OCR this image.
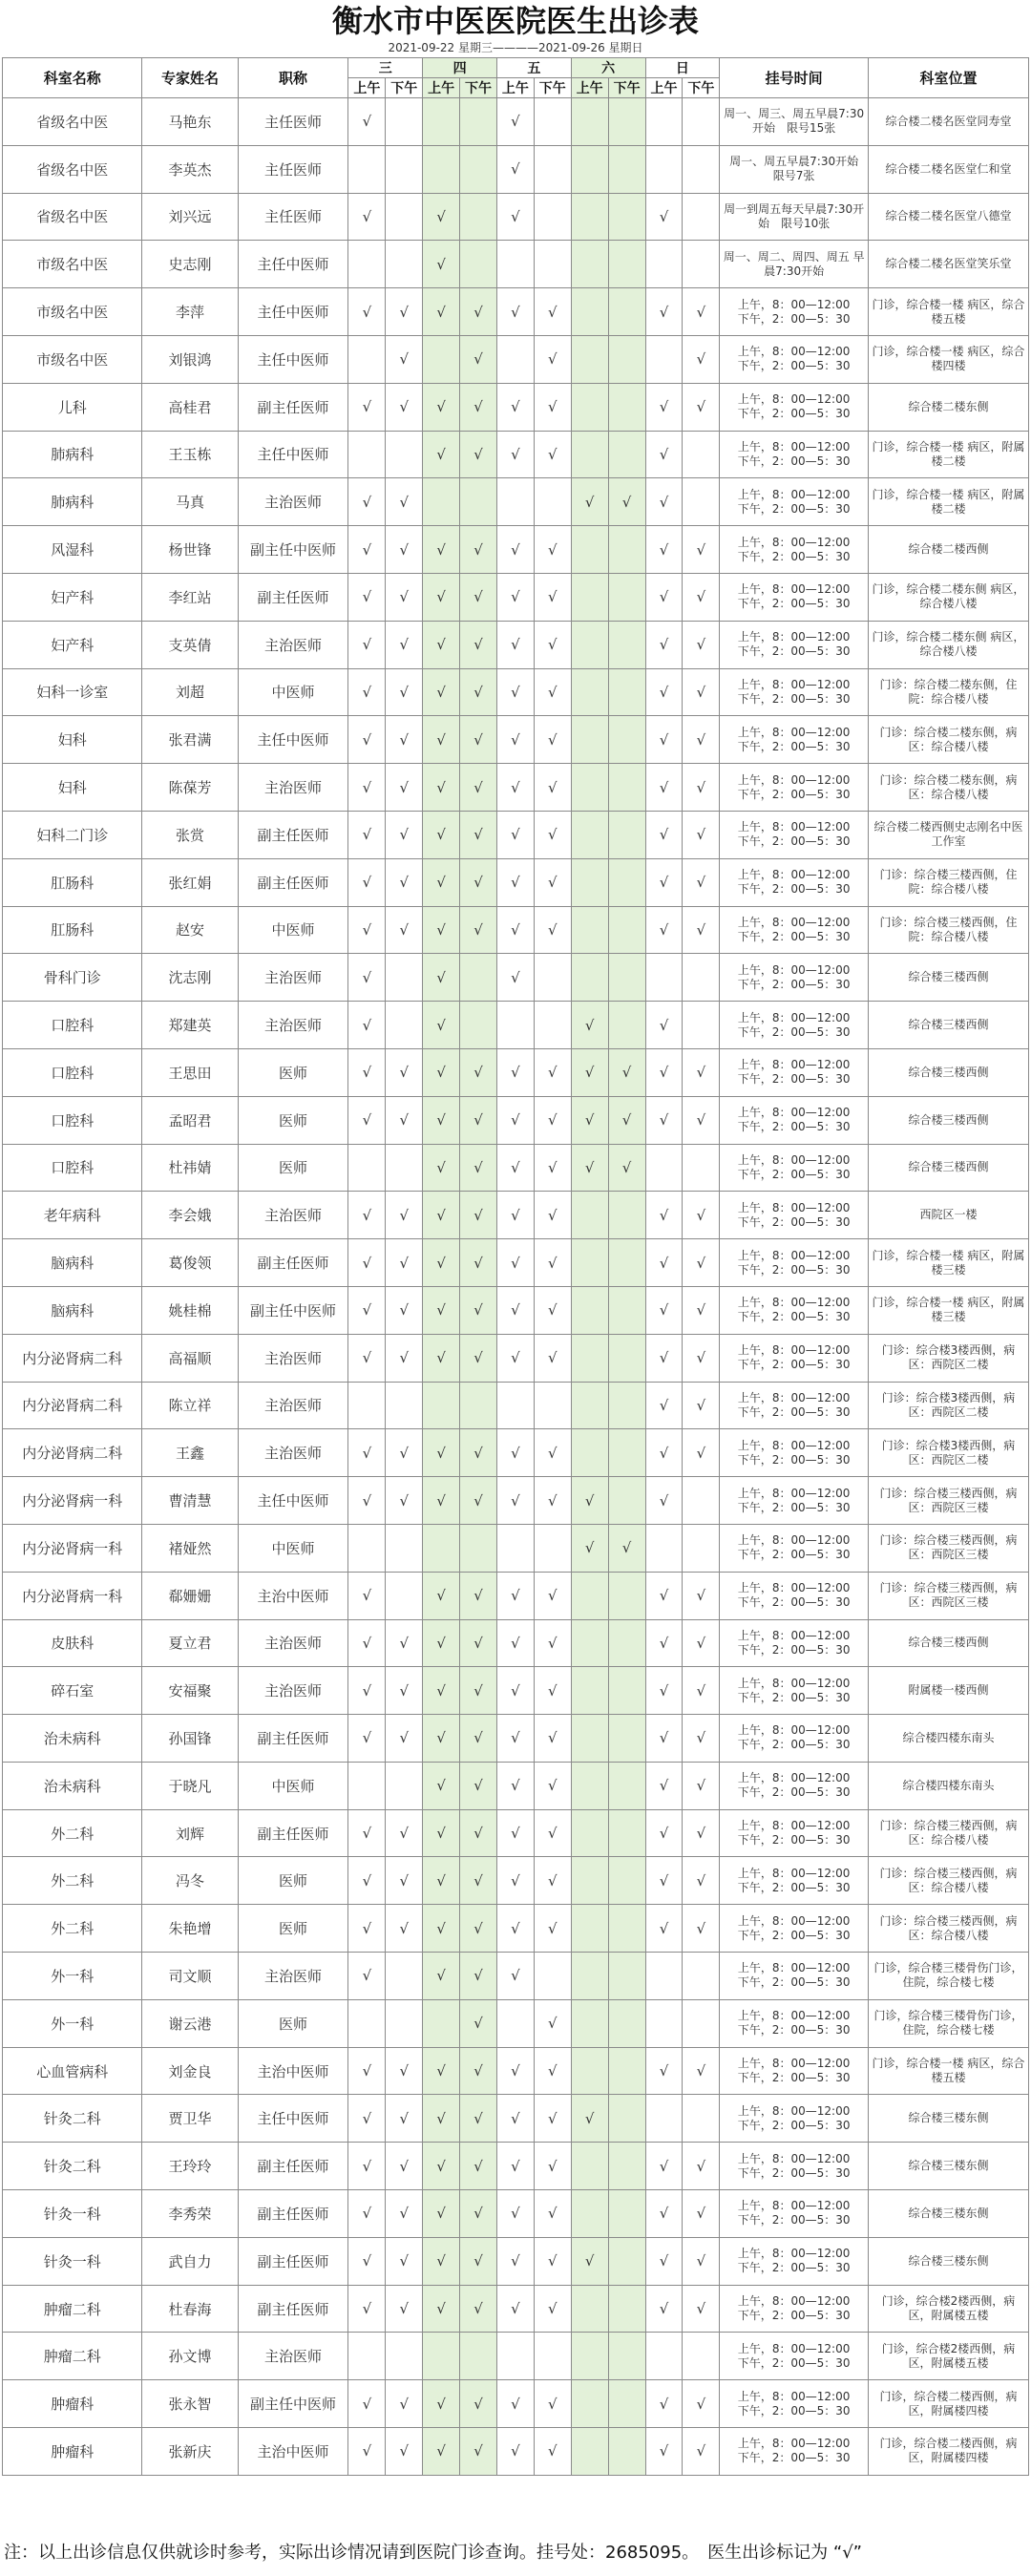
衡水市中医医院医生出诊表
2021-09-22 星期三————2021-09-26 星期日
科室名称	专家姓名	职称	三		四		五		六		日		挂号时间	科室位置
			上午	下午	上午	下午	上午	下午	上午	下午	上午	下午		
省级名中医	马艳东	主任医师	√				√						周一、周三、周五早晨7:30开始　限号15张	综合楼二楼名医堂同寿堂
省级名中医	李英杰	主任医师					√						周一、周五早晨7:30开始 限号7张	综合楼二楼名医堂仁和堂
省级名中医	刘兴远	主任医师	√		√		√				√		周一到周五每天早晨7:30开始　限号10张	综合楼二楼名医堂八德堂
市级名中医	史志刚	主任中医师			√								周一、周二、周四、周五 早晨7:30开始	综合楼二楼名医堂笑乐堂
市级名中医	李萍	主任中医师	√	√	√	√	√	√			√	√	上午，8：00—12:00
下午，2：00—5：30	门诊，综合楼一楼 病区，综合楼五楼
市级名中医	刘银鸿	主任中医师		√		√		√				√	上午，8：00—12:00
下午，2：00—5：30	门诊，综合楼一楼 病区，综合楼四楼
儿科	高桂君	副主任医师	√	√	√	√	√	√			√	√	上午，8：00—12:00
下午，2：00—5：30	综合楼二楼东侧
肺病科	王玉栋	主任中医师			√	√	√	√			√		上午，8：00—12:00
下午，2：00—5：30	门诊，综合楼一楼 病区，附属楼二楼
肺病科	马真	主治医师	√	√					√	√	√		上午，8：00—12:00
下午，2：00—5：30	门诊，综合楼一楼 病区，附属楼二楼
风湿科	杨世锋	副主任中医师	√	√	√	√	√	√			√	√	上午，8：00—12:00
下午，2：00—5：30	综合楼二楼西侧
妇产科	李红站	副主任医师	√	√	√	√	√	√			√	√	上午，8：00—12:00
下午，2：00—5：30	门诊，综合楼二楼东侧 病区，综合楼八楼
妇产科	支英倩	主治医师	√	√	√	√	√	√			√	√	上午，8：00—12:00
下午，2：00—5：30	门诊，综合楼二楼东侧 病区，综合楼八楼
妇科一诊室	刘超	中医师	√	√	√	√	√	√			√	√	上午，8：00—12:00
下午，2：00—5：30	门诊：综合楼二楼东侧，住院：综合楼八楼
妇科	张君满	主任中医师	√	√	√	√	√	√			√	√	上午，8：00—12:00
下午，2：00—5：30	门诊：综合楼二楼东侧，病区：综合楼八楼
妇科	陈葆芳	主治医师	√	√	√	√	√	√			√	√	上午，8：00—12:00
下午，2：00—5：30	门诊：综合楼二楼东侧，病区：综合楼八楼
妇科二门诊	张赏	副主任医师	√	√	√	√	√	√			√	√	上午，8：00—12:00
下午，2：00—5：30	综合楼二楼西侧史志刚名中医工作室
肛肠科	张红娟	副主任医师	√	√	√	√	√	√			√	√	上午，8：00—12:00
下午，2：00—5：30	门诊：综合楼三楼西侧，住院：综合楼八楼
肛肠科	赵安	中医师	√	√	√	√	√	√			√	√	上午，8：00—12:00
下午，2：00—5：30	门诊：综合楼三楼西侧，住院：综合楼八楼
骨科门诊	沈志刚	主治医师	√		√		√						上午，8：00—12:00
下午，2：00—5：30	综合楼三楼西侧
口腔科	郑建英	主治医师	√		√				√		√		上午，8：00—12:00
下午，2：00—5：30	综合楼三楼西侧
口腔科	王思田	医师	√	√	√	√	√	√	√	√	√	√	上午，8：00—12:00
下午，2：00—5：30	综合楼三楼西侧
口腔科	孟昭君	医师	√	√	√	√	√	√	√	√	√	√	上午，8：00—12:00
下午，2：00—5：30	综合楼三楼西侧
口腔科	杜祎婧	医师			√	√	√	√	√	√			上午，8：00—12:00
下午，2：00—5：30	综合楼三楼西侧
老年病科	李会娥	主治医师	√	√	√	√	√	√			√	√	上午，8：00—12:00
下午，2：00—5：30	西院区一楼
脑病科	葛俊领	副主任医师	√	√	√	√	√	√			√	√	上午，8：00—12:00
下午，2：00—5：30	门诊，综合楼一楼 病区，附属楼三楼
脑病科	姚桂棉	副主任中医师	√	√	√	√	√	√			√	√	上午，8：00—12:00
下午，2：00—5：30	门诊，综合楼一楼 病区，附属楼三楼
内分泌肾病二科	高福顺	主治医师	√	√	√	√	√	√			√	√	上午，8：00—12:00
下午，2：00—5：30	门诊：综合楼3楼西侧，病区：西院区二楼
内分泌肾病二科	陈立祥	主治医师									√	√	上午，8：00—12:00
下午，2：00—5：30	门诊：综合楼3楼西侧，病区：西院区二楼
内分泌肾病二科	王鑫	主治医师	√	√	√	√	√	√			√	√	上午，8：00—12:00
下午，2：00—5：30	门诊：综合楼3楼西侧，病区：西院区二楼
内分泌肾病一科	曹清慧	主任中医师	√	√	√	√	√	√	√		√		上午，8：00—12:00
下午，2：00—5：30	门诊：综合楼三楼西侧，病区：西院区三楼
内分泌肾病一科	褚娅然	中医师							√	√			上午，8：00—12:00
下午，2：00—5：30	门诊：综合楼三楼西侧，病区：西院区三楼
内分泌肾病一科	郗姗姗	主治中医师	√		√	√	√	√			√	√	上午，8：00—12:00
下午，2：00—5：30	门诊：综合楼三楼西侧，病区：西院区三楼
皮肤科	夏立君	主治医师	√	√	√	√	√	√			√	√	上午，8：00—12:00
下午，2：00—5：30	综合楼三楼西侧
碎石室	安福聚	主治医师	√	√	√	√	√	√			√	√	上午，8：00—12:00
下午，2：00—5：30	附属楼一楼西侧
治未病科	孙国锋	副主任医师	√	√	√	√	√	√			√	√	上午，8：00—12:00
下午，2：00—5：30	综合楼四楼东南头
治未病科	于晓凡	中医师			√	√	√	√			√	√	上午，8：00—12:00
下午，2：00—5：30	综合楼四楼东南头
外二科	刘辉	副主任医师	√	√	√	√	√	√			√	√	上午，8：00—12:00
下午，2：00—5：30	门诊：综合楼三楼西侧，病区：综合楼八楼
外二科	冯冬	医师	√	√	√	√	√	√			√	√	上午，8：00—12:00
下午，2：00—5：30	门诊：综合楼三楼西侧，病区：综合楼八楼
外二科	朱艳增	医师	√	√	√	√	√	√			√	√	上午，8：00—12:00
下午，2：00—5：30	门诊：综合楼三楼西侧，病区：综合楼八楼
外一科	司文顺	主治医师	√		√	√	√						上午，8：00—12:00
下午，2：00—5：30	门诊，综合楼三楼骨伤门诊，住院，综合楼七楼
外一科	谢云港	医师				√		√					上午，8：00—12:00
下午，2：00—5：30	门诊，综合楼三楼骨伤门诊，住院，综合楼七楼
心血管病科	刘金良	主治中医师	√	√	√	√	√	√			√	√	上午，8：00—12:00
下午，2：00—5：30	门诊，综合楼一楼 病区，综合楼五楼
针灸二科	贾卫华	主任中医师	√	√	√	√	√	√	√				上午，8：00—12:00
下午，2：00—5：30	综合楼三楼东侧
针灸二科	王玲玲	副主任医师	√	√	√	√	√	√			√	√	上午，8：00—12:00
下午，2：00—5：30	综合楼三楼东侧
针灸一科	李秀荣	副主任医师	√	√	√	√	√	√			√	√	上午，8：00—12:00
下午，2：00—5：30	综合楼三楼东侧
针灸一科	武自力	副主任医师	√	√	√	√	√	√	√		√	√	上午，8：00—12:00
下午，2：00—5：30	综合楼三楼东侧
肿瘤二科	杜春海	副主任医师	√	√	√	√	√	√			√	√	上午，8：00—12:00
下午，2：00—5：30	门诊，综合楼2楼西侧，病区，附属楼五楼
肿瘤二科	孙文博	主治医师											上午，8：00—12:00
下午，2：00—5：30	门诊，综合楼2楼西侧，病区，附属楼五楼
肿瘤科	张永智	副主任中医师	√	√	√	√	√	√			√	√	上午，8：00—12:00
下午，2：00—5：30	门诊，综合楼二楼西侧，病区，附属楼四楼
肿瘤科	张新庆	主治中医师	√	√	√	√	√	√			√	√	上午，8：00—12:00
下午，2：00—5：30	门诊，综合楼二楼西侧，病区，附属楼四楼
注：以上出诊信息仅供就诊时参考，实际出诊情况请到医院门诊查询。挂号处：2685095。　医生出诊标记为 “√”
